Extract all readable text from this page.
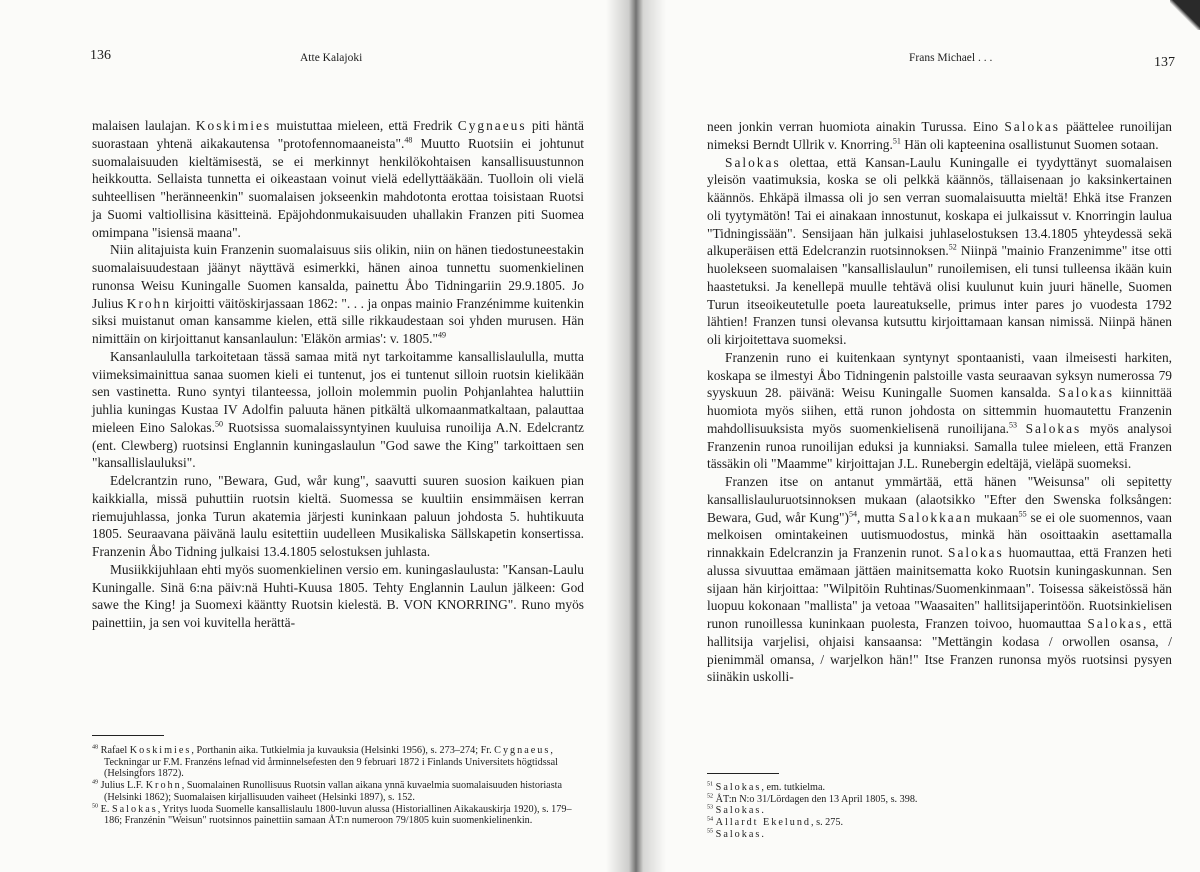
136	Atte Kalajoki

malaisen laulajan. Koskimies muistuttaa mieleen, että Fredrik Cygnaeus piti häntä suorastaan yhtenä aikakautensa "protofennomaaneista".$^{48}$ Muutto Ruotsiin ei johtunut suomalaisuuden kieltämisestä, se ei merkinnyt henkilökohtaisen kansallisuustunnon heikkoutta. Sellaista tunnetta ei oikeastaan voinut vielä edellyttääkään. Tuolloin oli vielä suhteellisen "heränneenkin" suomalaisen jokseenkin mahdotonta erottaa toisistaan Ruotsi ja Suomi valtiollisina käsitteinä. Epäjohdonmukaisuuden uhallakin Franzen piti Suomea omimpana "isiensä maana".

Niin alitajuista kuin Franzenin suomalaisuus siis olikin, niin on hänen tiedostuneestakin suomalaisuudestaan jäänyt näyttävä esimerkki, hänen ainoa tunnettu suomenkielinen runonsa Weisu Kuningalle Suomen kansalda, painettu Åbo Tidningariin 29.9.1805. Jo Julius Krohn kirjoitti väitöskirjassaan 1862: ". . . ja onpas mainio Franzénimme kuitenkin siksi muistanut oman kansamme kielen, että sille rikkaudestaan soi yhden murusen. Hän nimittäin on kirjoittanut kansanlaulun: 'Eläkön armias': v. 1805."$^{49}$

Kansanlaululla tarkoitetaan tässä samaa mitä nyt tarkoitamme kansallislaululla, mutta viimeksimainittua sanaa suomen kieli ei tuntenut, jos ei tuntenut silloin ruotsin kielikään sen vastinetta. Runo syntyi tilanteessa, jolloin molemmin puolin Pohjanlahtea haluttiin juhlia kuningas Kustaa IV Adolfin paluuta hänen pitkältä ulkomaanmatkaltaan, palauttaa mieleen Eino Salokas.$^{50}$ Ruotsissa suomalaissyntyinen kuuluisa runoilija A.N. Edelcrantz (ent. Clewberg) ruotsinsi Englannin kuningaslaulun "God sawe the King" tarkoittaen sen "kansallislauluksi".

Edelcrantzin runo, "Bewara, Gud, wår kung", saavutti suuren suosion kaikuen pian kaikkialla, missä puhuttiin ruotsin kieltä. Suomessa se kuultiin ensimmäisen kerran riemujuhlassa, jonka Turun akatemia järjesti kuninkaan paluun johdosta 5. huhtikuuta 1805. Seuraavana päivänä laulu esitettiin uudelleen Musikaliska Sällskapetin konsertissa. Franzenin Åbo Tidning julkaisi 13.4.1805 selostuksen juhlasta.

Musiikkijuhlaan ehti myös suomenkielinen versio em. kuningaslaulusta: "Kansan-Laulu Kuningalle. Sinä 6:na päiv:nä Huhti-Kuusa 1805. Tehty Englannin Laulun jälkeen: God sawe the King! ja Suomexi kääntty Ruotsin kielestä. B. VON KNORRING". Runo myös painettiin, ja sen voi kuvitella herättä-

$^{48}$ Rafael Koskimies, Porthanin aika. Tutkielmia ja kuvauksia (Helsinki 1956), s. 273–274; Fr. Cygnaeus, Teckningar ur F.M. Franzéns lefnad vid årminnelsefesten den 9 februari 1872 i Finlands Universitets högtidssal (Helsingfors 1872).

$^{49}$ Julius L.F. Krohn, Suomalainen Runollisuus Ruotsin vallan aikana ynnä kuvaelmia suomalaisuuden historiasta (Helsinki 1862); Suomalaisen kirjallisuuden vaiheet (Helsinki 1897), s. 152.

$^{50}$ E. Salokas, Yritys luoda Suomelle kansallislaulu 1800-luvun alussa (Historiallinen Aikakauskirja 1920), s. 179–186; Franzénin "Weisun" ruotsinnos painettiin samaan ÅT:n numeroon 79/1805 kuin suomenkielinenkin.

Frans Michael . . .	137

neen jonkin verran huomiota ainakin Turussa. Eino Salokas päättelee runoilijan nimeksi Berndt Ullrik v. Knorring.$^{51}$ Hän oli kapteenina osallistunut Suomen sotaan.

Salokas olettaa, että Kansan-Laulu Kuningalle ei tyydyttänyt suomalaisen yleisön vaatimuksia, koska se oli pelkkä käännös, tällaisenaan jo kaksinkertainen käännös. Ehkäpä ilmassa oli jo sen verran suomalaisuutta mieltä! Ehkä itse Franzen oli tyytymätön! Tai ei ainakaan innostunut, koskapa ei julkaissut v. Knorringin laulua "Tidningissään". Sensijaan hän julkaisi juhlaselostuksen 13.4.1805 yhteydessä sekä alkuperäisen että Edelcranzin ruotsinnoksen.$^{52}$ Niinpä "mainio Franzenimme" itse otti huolekseen suomalaisen "kansallislaulun" runoilemisen, eli tunsi tulleensa ikään kuin haastetuksi. Ja kenellepä muulle tehtävä olisi kuulunut kuin juuri hänelle, Suomen Turun itseoikeutetulle poeta laureatukselle, primus inter pares jo vuodesta 1792 lähtien! Franzen tunsi olevansa kutsuttu kirjoittamaan kansan nimissä. Niinpä hänen oli kirjoitettava suomeksi.

Franzenin runo ei kuitenkaan syntynyt spontaanisti, vaan ilmeisesti harkiten, koskapa se ilmestyi Åbo Tidningenin palstoille vasta seuraavan syksyn numerossa 79 syyskuun 28. päivänä: Weisu Kuningalle Suomen kansalda. Salokas kiinnittää huomiota myös siihen, että runon johdosta on sittemmin huomautettu Franzenin mahdollisuuksista myös suomenkielisenä runoilijana.$^{53}$ Salokas myös analysoi Franzenin runoa runoilijan eduksi ja kunniaksi. Samalla tulee mieleen, että Franzen tässäkin oli "Maamme" kirjoittajan J.L. Runebergin edeltäjä, vieläpä suomeksi.

Franzen itse on antanut ymmärtää, että hänen "Weisunsa" oli sepitetty kansallislauluruotsinnoksen mukaan (alaotsikko "Efter den Swenska folksången: Bewara, Gud, wår Kung")$^{54}$, mutta Salokkaan mukaan$^{55}$ se ei ole suomennos, vaan melkoisen omintakeinen uutismuodostus, minkä hän osoittaakin asettamalla rinnakkain Edelcranzin ja Franzenin runot. Salokas huomauttaa, että Franzen heti alussa sivuuttaa emämaan jättäen mainitsematta koko Ruotsin kuningaskunnan. Sen sijaan hän kirjoittaa: "Wilpitöin Ruhtinas/Suomenkinmaan". Toisessa säkeistössä hän luopuu kokonaan "mallista" ja vetoaa "Waasaiten" hallitsijaperintöön. Ruotsinkielisen runon runoillessa kuninkaan puolesta, Franzen toivoo, huomauttaa Salokas, että hallitsija varjelisi, ohjaisi kansaansa: "Mettängin kodasa / orwollen osansa, / pienimmäl omansa, / warjelkon hän!" Itse Franzen runonsa myös ruotsinsi pysyen siinäkin uskolli-

$^{51}$ Salokas, em. tutkielma.

$^{52}$ ÅT:n N:o 31/Lördagen den 13 April 1805, s. 398.

$^{53}$ Salokas.

$^{54}$ Allardt Ekelund, s. 275.

$^{55}$ Salokas.
